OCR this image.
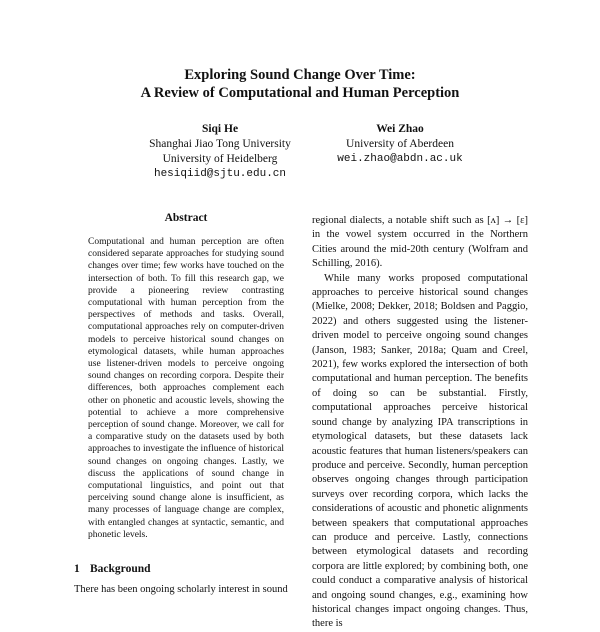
Exploring Sound Change Over Time:
A Review of Computational and Human Perception
Siqi He
Shanghai Jiao Tong University
University of Heidelberg
hesiqiid@sjtu.edu.cn
Wei Zhao
University of Aberdeen
wei.zhao@abdn.ac.uk
Abstract
Computational and human perception are often considered separate approaches for studying sound changes over time; few works have touched on the intersection of both. To fill this research gap, we provide a pioneering review contrasting computational with human perception from the perspectives of methods and tasks. Overall, computational approaches rely on computer-driven models to perceive historical sound changes on etymological datasets, while human approaches use listener-driven models to perceive ongoing sound changes on recording corpora. Despite their differences, both approaches complement each other on phonetic and acoustic levels, showing the potential to achieve a more comprehensive perception of sound change. Moreover, we call for a comparative study on the datasets used by both approaches to investigate the influence of historical sound changes on ongoing changes. Lastly, we discuss the applications of sound change in computational linguistics, and point out that perceiving sound change alone is insufficient, as many processes of language change are complex, with entangled changes at syntactic, semantic, and phonetic levels.
1 Background

There has been ongoing scholarly interest in sound

regional dialects, a notable shift such as [ʌ] → [ɛ] in the vowel system occurred in the Northern Cities around the mid-20th century (Wolfram and Schilling, 2016).

While many works proposed computational approaches to perceive historical sound changes (Mielke, 2008; Dekker, 2018; Boldsen and Paggio, 2022) and others suggested using the listener-driven model to perceive ongoing sound changes (Janson, 1983; Sanker, 2018a; Quam and Creel, 2021), few works explored the intersection of both computational and human perception. The benefits of doing so can be substantial. Firstly, computational approaches perceive historical sound change by analyzing IPA transcriptions in etymological datasets, but these datasets lack acoustic features that human listeners/speakers can produce and perceive. Secondly, human perception observes ongoing changes through participation surveys over recording corpora, which lacks the considerations of acoustic and phonetic alignments between speakers that computational approaches can produce and perceive. Lastly, connections between etymological datasets and recording corpora are little explored; by combining both, one could conduct a comparative analysis of historical and ongoing sound changes, e.g., examining how historical changes impact ongoing changes. Thus, there is
